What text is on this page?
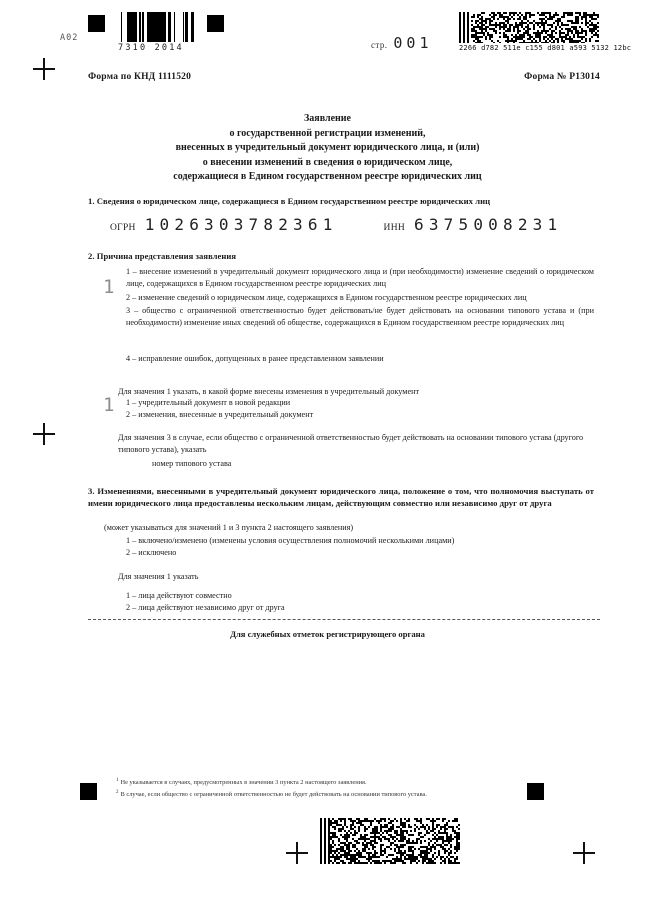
A02
7310 2014	стр. 001	2266 d782 511e c155 d801 a593 5132 12bc
Форма по КНД 1111520	Форма № Р13014
Заявление
о государственной регистрации изменений,
внесенных в учредительный документ юридического лица, и (или)
о внесении изменений в сведения о юридическом лице,
содержащиеся в Едином государственном реестре юридических лиц
1. Сведения о юридическом лице, содержащиеся в Едином государственном реестре юридических лиц
ОГРН 1026303782361	ИНН 6375008231
2. Причина представления заявления
1
1 – внесение изменений в учредительный документ юридического лица и (при необходимости) изменение сведений о юридическом лице, содержащихся в Едином государственном реестре юридических лиц
2 – изменение сведений о юридическом лице, содержащихся в Едином государственном реестре юридических лиц
3 – общество с ограниченной ответственностью будет действовать/не будет действовать на основании типового устава и (при необходимости) изменение иных сведений об обществе, содержащихся в Едином государственном реестре юридических лиц
4 – исправление ошибок, допущенных в ранее представленном заявлении
Для значения 1 указать, в какой форме внесены изменения в учредительный документ
1 1 – учредительный документ в новой редакции
2 – изменения, внесенные в учредительный документ
Для значения 3 в случае, если общество с ограниченной ответственностью будет действовать на основании типового устава (другого типового устава), указать
номер типового устава
3. Изменениями, внесенными в учредительный документ юридического лица, положение о том, что полномочия выступать от имени юридического лица предоставлены нескольким лицам, действующим совместно или независимо друг от друга
(может указываться для значений 1 и 3 пункта 2 настоящего заявления)
1 – включено/изменено (изменены условия осуществления полномочий несколькими лицами)
2 – исключено
Для значения 1 указать
1 – лица действуют совместно
2 – лица действуют независимо друг от друга
Для служебных отметок регистрирующего органа
$^1$ Не указывается в случаях, предусмотренных в значении 3 пункта 2 настоящего заявления.
$^2$ В случае, если общество с ограниченной ответственностью не будет действовать на основании типового устава.
